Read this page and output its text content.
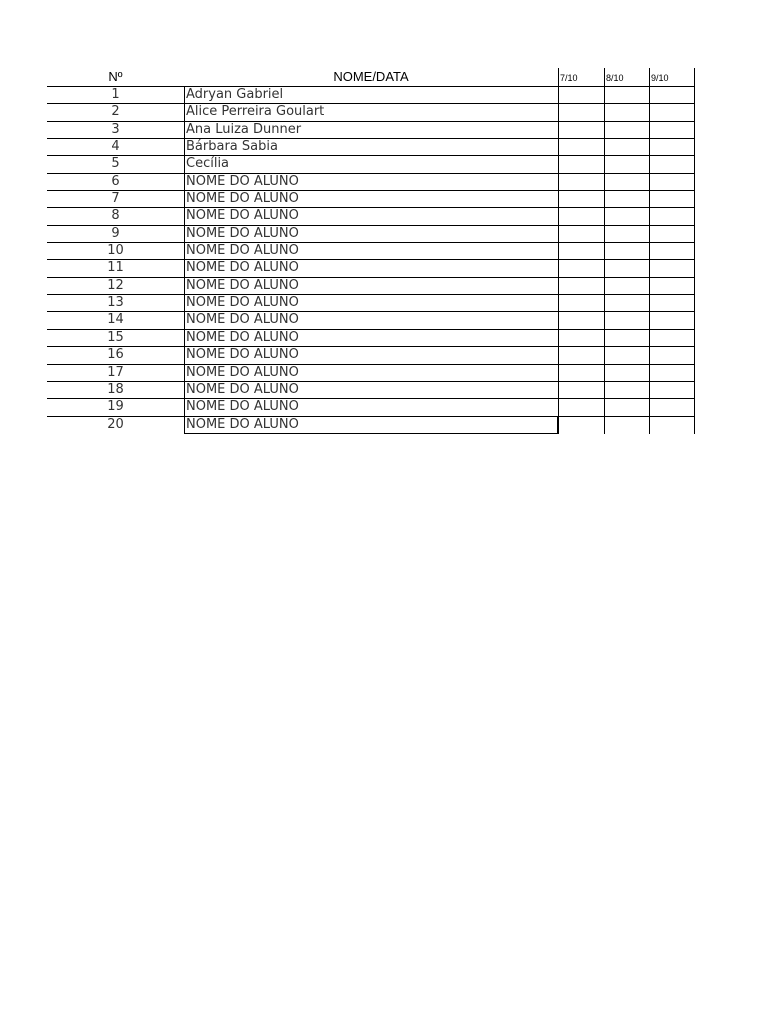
Nº	NOME/DATA	7/10	8/10	9/10
1	Adryan Gabriel
2	Alice Perreira Goulart
3	Ana Luiza Dunner
4	Bárbara Sabia
5	Cecília
6	NOME DO ALUNO
7	NOME DO ALUNO
8	NOME DO ALUNO
9	NOME DO ALUNO
10	NOME DO ALUNO
11	NOME DO ALUNO
12	NOME DO ALUNO
13	NOME DO ALUNO
14	NOME DO ALUNO
15	NOME DO ALUNO
16	NOME DO ALUNO
17	NOME DO ALUNO
18	NOME DO ALUNO
19	NOME DO ALUNO
20	NOME DO ALUNO
